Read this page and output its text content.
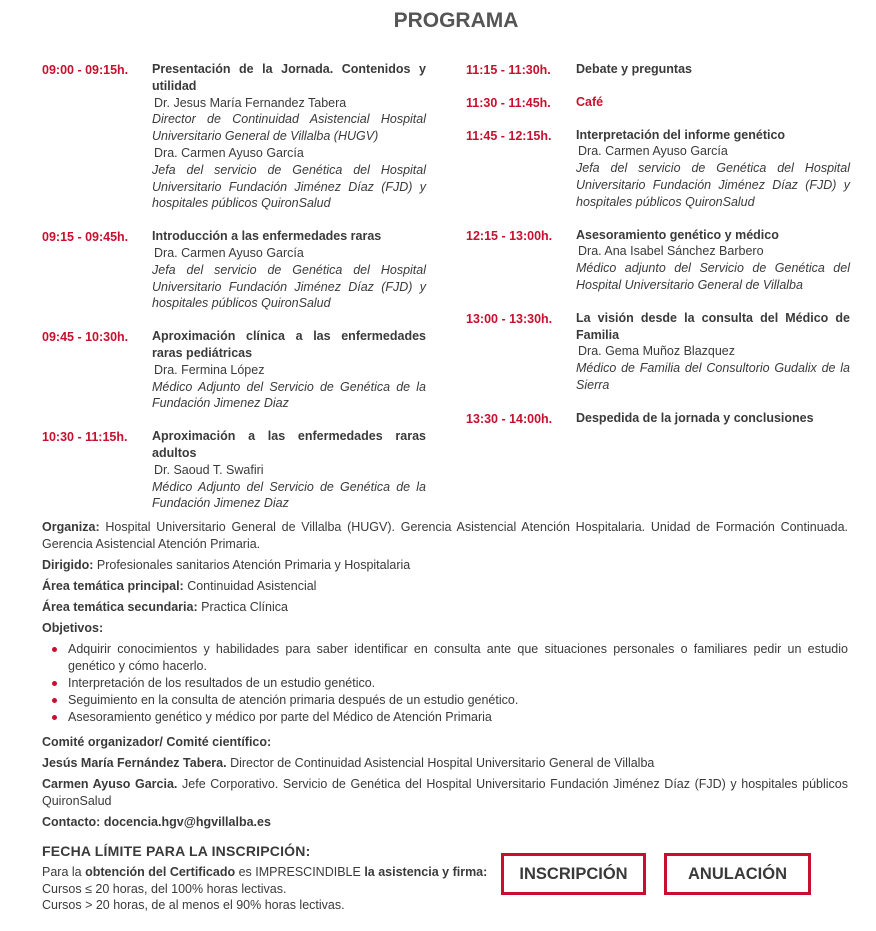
PROGRAMA
09:00 - 09:15h.	Presentación de la Jornada. Contenidos y utilidad
Dr. Jesus María Fernandez Tabera
Director de Continuidad Asistencial Hospital Universitario General de Villalba (HUGV)
Dra. Carmen Ayuso García
Jefa del servicio de Genética del Hospital Universitario Fundación Jiménez Díaz (FJD) y hospitales públicos QuironSalud
09:15 - 09:45h.	Introducción a las enfermedades raras
Dra. Carmen Ayuso García
Jefa del servicio de Genética del Hospital Universitario Fundación Jiménez Díaz (FJD) y hospitales públicos QuironSalud
09:45 - 10:30h.	Aproximación clínica a las enfermedades raras pediátricas
Dra. Fermina López
Médico Adjunto del Servicio de Genética de la Fundación Jimenez Diaz
10:30 - 11:15h.	Aproximación a las enfermedades raras adultos
Dr. Saoud T. Swafiri
Médico Adjunto del Servicio de Genética de la Fundación Jimenez Diaz
11:15 - 11:30h.	Debate y preguntas
11:30 - 11:45h.	Café
11:45 - 12:15h.	Interpretación del informe genético
Dra. Carmen Ayuso García
Jefa del servicio de Genética del Hospital Universitario Fundación Jiménez Díaz (FJD) y hospitales públicos QuironSalud
12:15 - 13:00h.	Asesoramiento genético y médico
Dra. Ana Isabel Sánchez Barbero
Médico adjunto del Servicio de Genética del Hospital Universitario General de Villalba
13:00 - 13:30h.	La visión desde la consulta del Médico de Familia
Dra. Gema Muñoz Blazquez
Médico de Familia del Consultorio Gudalix de la Sierra
13:30 - 14:00h.	Despedida de la jornada y conclusiones

Organiza: Hospital Universitario General de Villalba (HUGV). Gerencia Asistencial Atención Hospitalaria. Unidad de Formación Continuada. Gerencia Asistencial Atención Primaria.

Dirigido: Profesionales sanitarios Atención Primaria y Hospitalaria

Área temática principal: Continuidad Asistencial

Área temática secundaria: Practica Clínica

Objetivos:

Adquirir conocimientos y habilidades para saber identificar en consulta ante que situaciones personales o familiares pedir un estudio genético y cómo hacerlo.
Interpretación de los resultados de un estudio genético.
Seguimiento en la consulta de atención primaria después de un estudio genético.
Asesoramiento genético y médico por parte del Médico de Atención Primaria

Comité organizador/ Comité científico:

Jesús María Fernández Tabera. Director de Continuidad Asistencial Hospital Universitario General de Villalba

Carmen Ayuso Garcia. Jefe Corporativo. Servicio de Genética del Hospital Universitario Fundación Jiménez Díaz (FJD) y hospitales públicos QuironSalud

Contacto: docencia.hgv@hgvillalba.es

FECHA LÍMITE PARA LA INSCRIPCIÓN:
Para la obtención del Certificado es IMPRESCINDIBLE la asistencia y firma:
Cursos ≤ 20 horas, del 100% horas lectivas.
Cursos > 20 horas, de al menos el 90% horas lectivas.
INSCRIPCIÓN	ANULACIÓN
